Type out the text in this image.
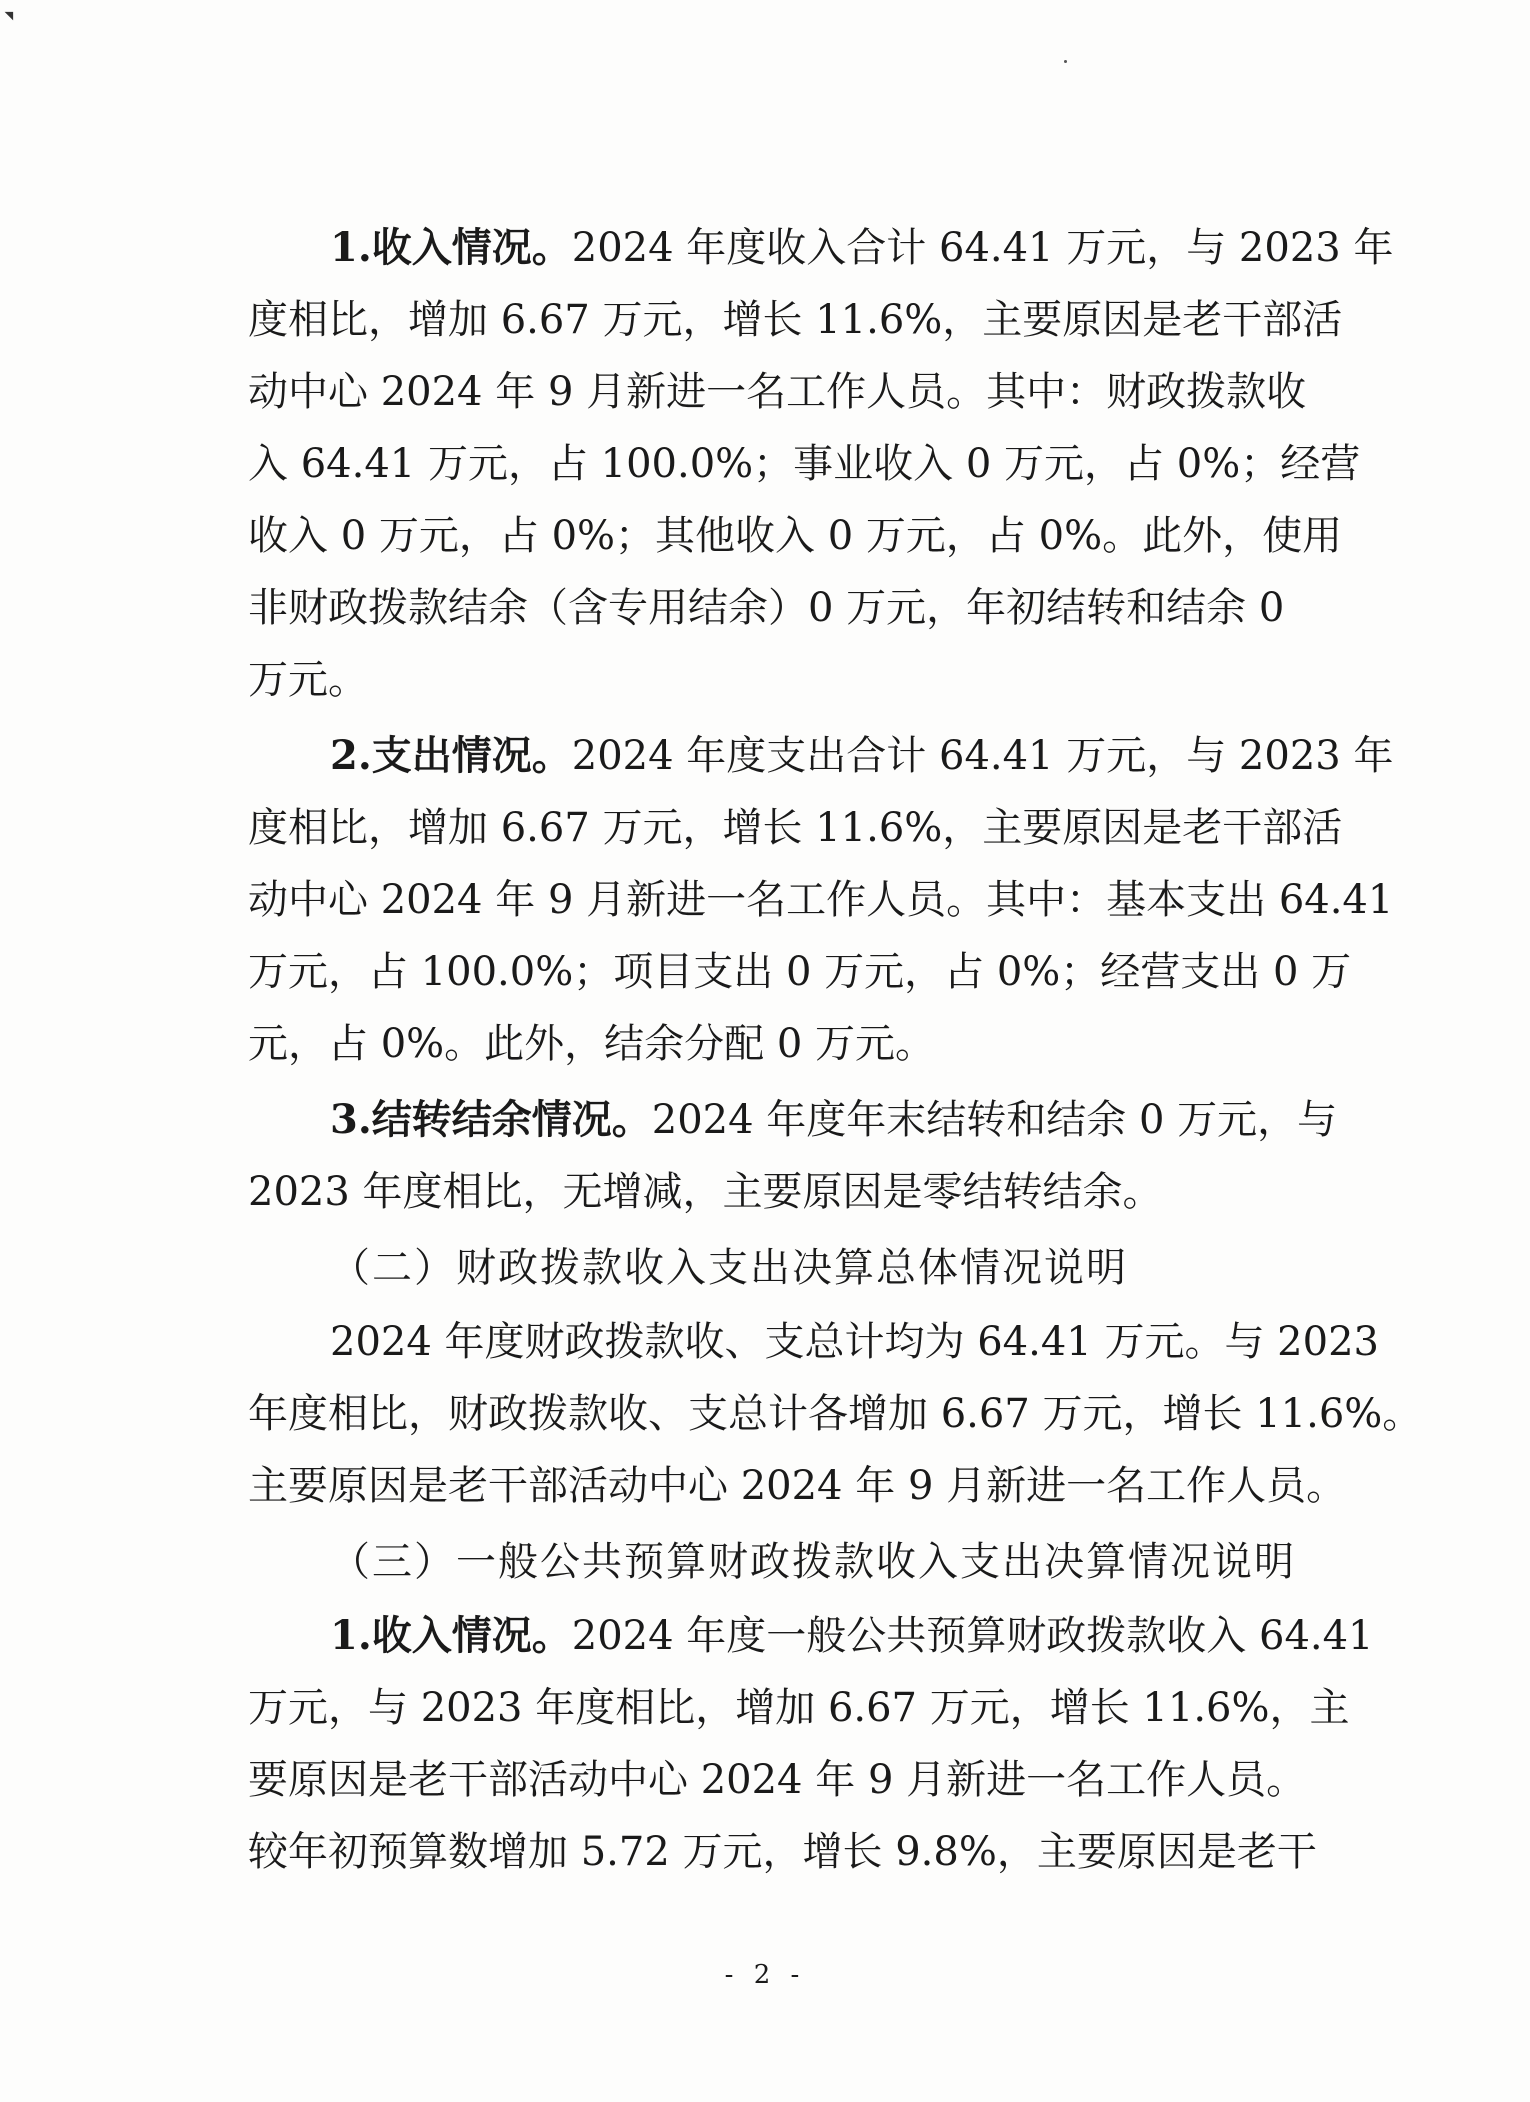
1.收入情况。2024 年度收入合计 64.41 万元，与 2023 年
度相比，增加 6.67 万元，增长 11.6%，主要原因是老干部活
动中心 2024 年 9 月新进一名工作人员。其中：财政拨款收
入 64.41 万元，占 100.0%；事业收入 0 万元，占 0%；经营
收入 0 万元，占 0%；其他收入 0 万元，占 0%。此外，使用
非财政拨款结余（含专用结余）0 万元，年初结转和结余 0
万元。
2.支出情况。2024 年度支出合计 64.41 万元，与 2023 年
度相比，增加 6.67 万元，增长 11.6%，主要原因是老干部活
动中心 2024 年 9 月新进一名工作人员。其中：基本支出 64.41
万元，占 100.0%；项目支出 0 万元，占 0%；经营支出 0 万
元，占 0%。此外，结余分配 0 万元。
3.结转结余情况。2024 年度年末结转和结余 0 万元，与
2023 年度相比，无增减，主要原因是零结转结余。
（二）财政拨款收入支出决算总体情况说明
2024 年度财政拨款收、支总计均为 64.41 万元。与 2023
年度相比，财政拨款收、支总计各增加 6.67 万元，增长 11.6%。
主要原因是老干部活动中心 2024 年 9 月新进一名工作人员。
（三）一般公共预算财政拨款收入支出决算情况说明
1.收入情况。2024 年度一般公共预算财政拨款收入 64.41
万元，与 2023 年度相比，增加 6.67 万元，增长 11.6%，主
要原因是老干部活动中心 2024 年 9 月新进一名工作人员。
较年初预算数增加 5.72 万元，增长 9.8%，主要原因是老干
- 2 -
